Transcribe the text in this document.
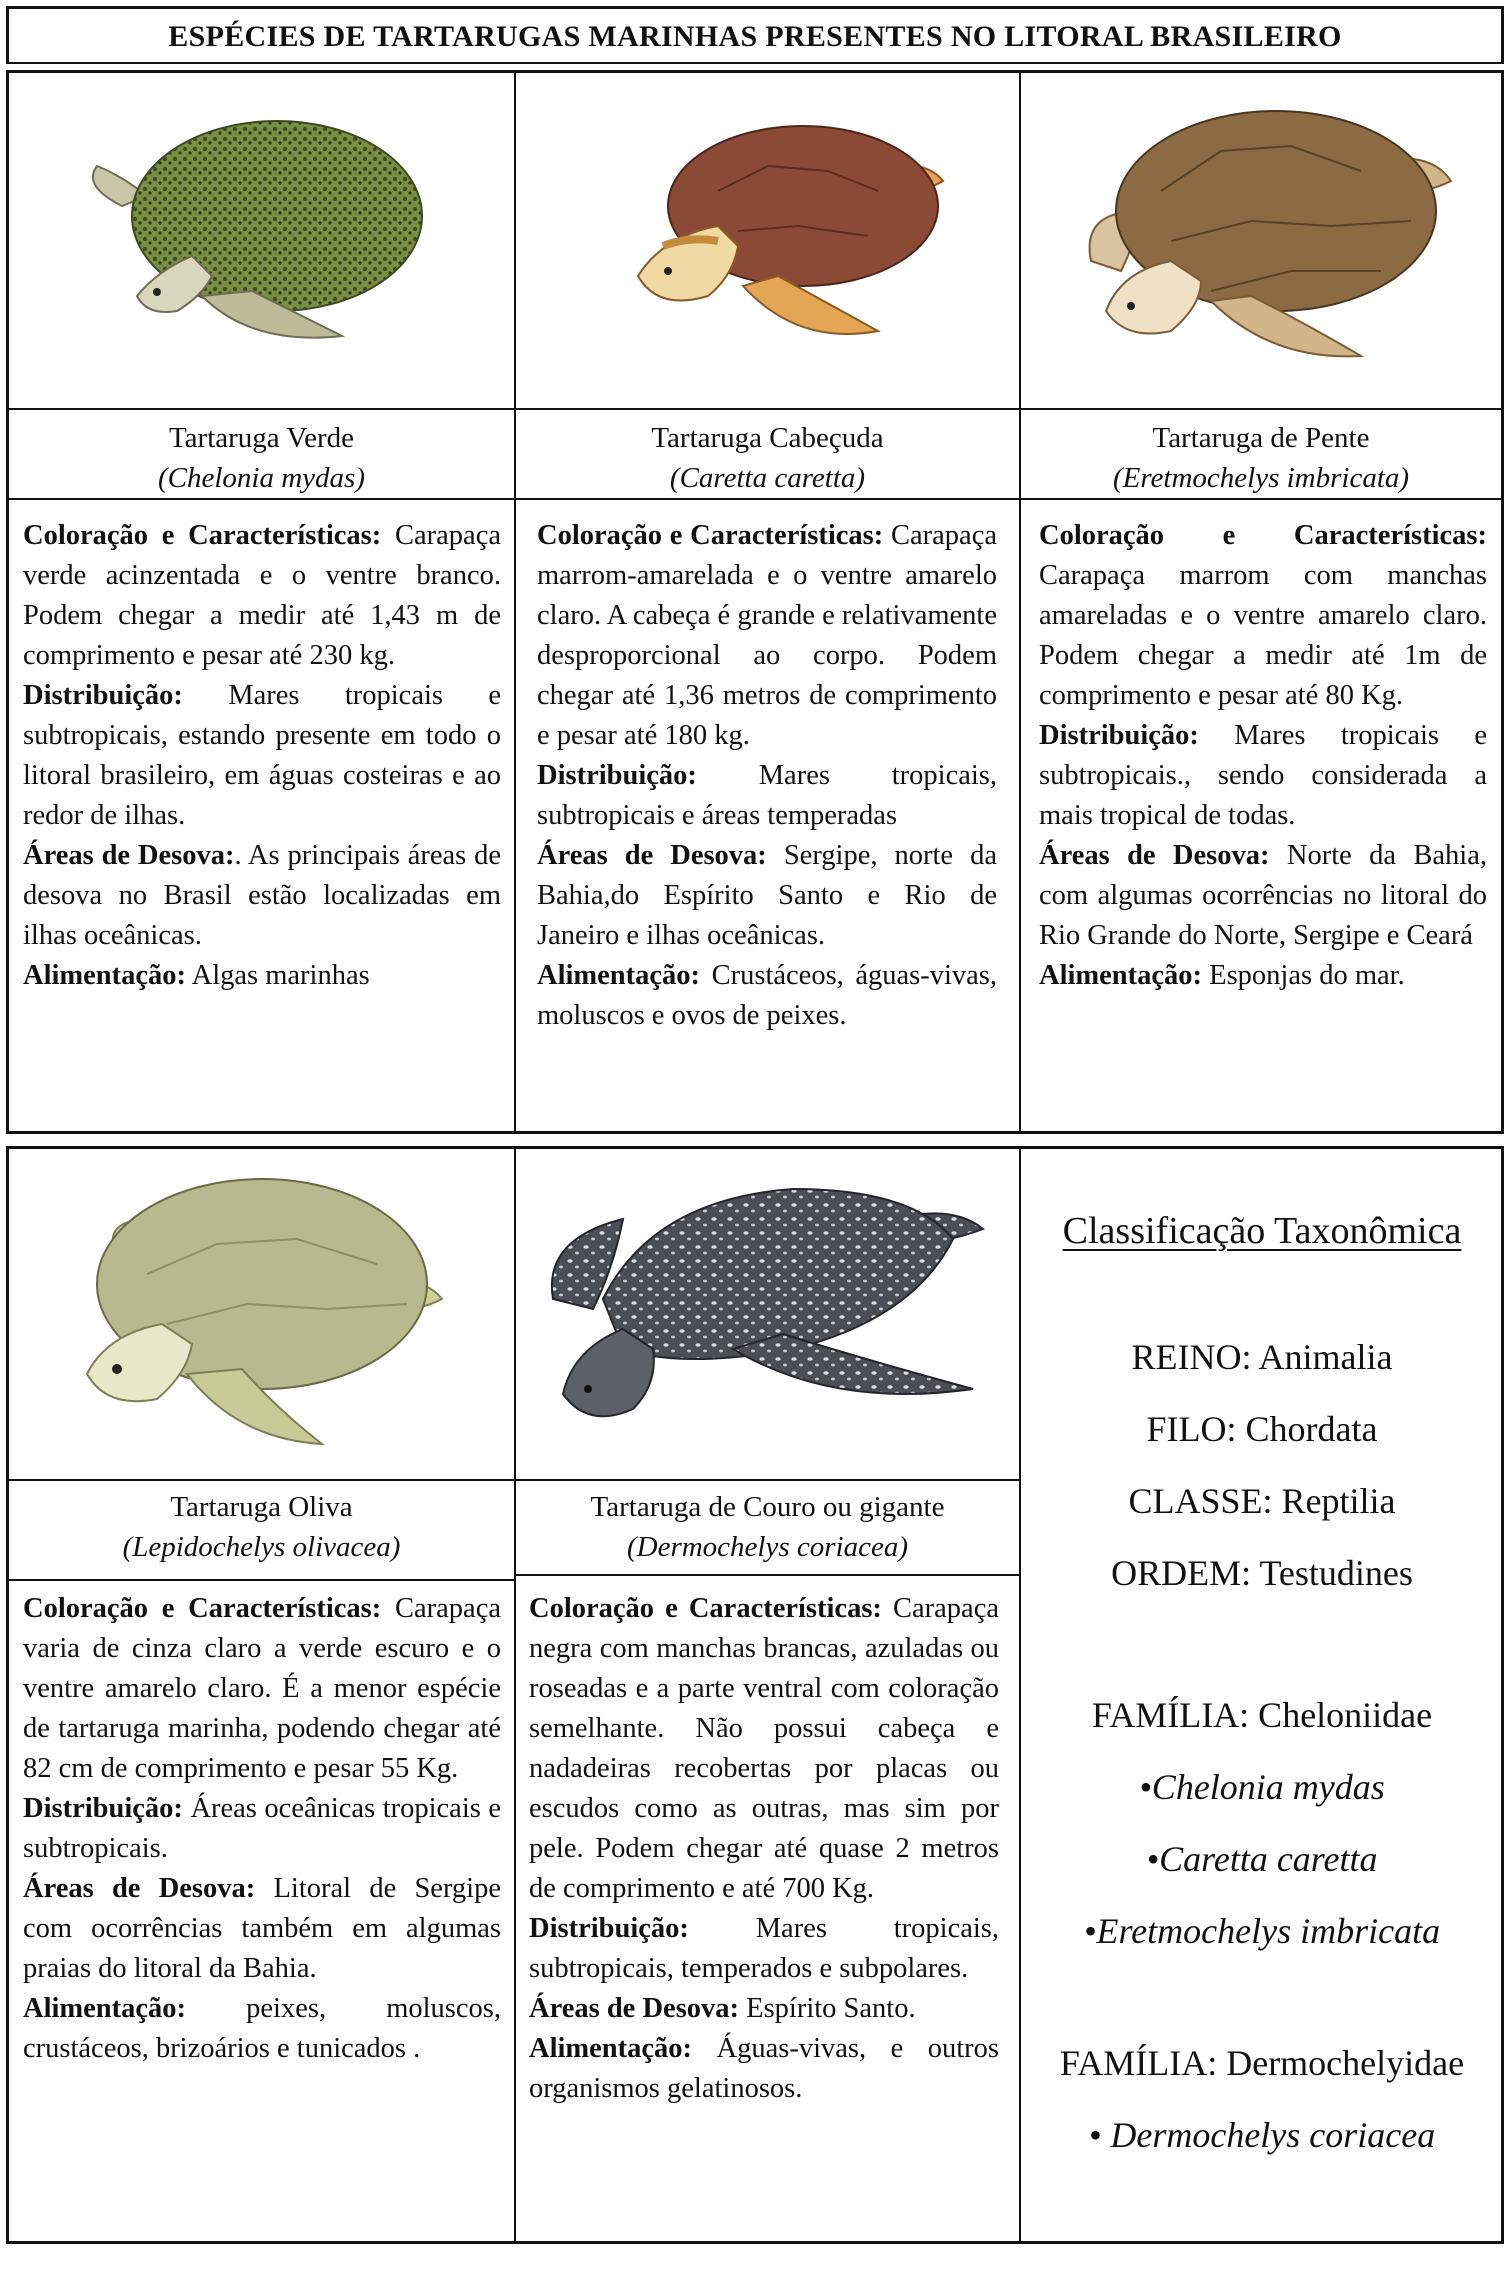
ESPÉCIES DE TARTARUGAS MARINHAS PRESENTES NO LITORAL BRASILEIRO
Tartaruga Verde
(Chelonia mydas)
Tartaruga Cabeçuda
(Caretta caretta)
Tartaruga de Pente
(Eretmochelys imbricata)

Coloração e Características: Carapaça verde acinzentada e o ventre branco. Podem chegar a medir até 1,43 m de comprimento e pesar até 230 kg.

Distribuição: Mares tropicais e subtropicais, estando presente em todo o litoral brasileiro, em águas costeiras e ao redor de ilhas.

Áreas de Desova:. As principais áreas de desova no Brasil estão localizadas em ilhas oceânicas.

Alimentação: Algas marinhas

Coloração e Características: Carapaça marrom-amarelada e o ventre amarelo claro. A cabeça é grande e relativamente desproporcional ao corpo. Podem chegar até 1,36 metros de comprimento e pesar até 180 kg.

Distribuição: Mares tropicais, subtropicais e áreas temperadas

Áreas de Desova: Sergipe, norte da Bahia,do Espírito Santo e Rio de Janeiro e ilhas oceânicas.

Alimentação: Crustáceos, águas-vivas, moluscos e ovos de peixes.

Coloração e Características: Carapaça marrom com manchas amareladas e o ventre amarelo claro. Podem chegar a medir até 1m de comprimento e pesar até 80 Kg.

Distribuição: Mares tropicais e subtropicais., sendo considerada a mais tropical de todas.

Áreas de Desova: Norte da Bahia, com algumas ocorrências no litoral do Rio Grande do Norte, Sergipe e Ceará

Alimentação: Esponjas do mar.

Tartaruga Oliva
(Lepidochelys olivacea)
Tartaruga de Couro ou gigante
(Dermochelys coriacea)

Coloração e Características: Carapaça varia de cinza claro a verde escuro e o ventre amarelo claro. É a menor espécie de tartaruga marinha, podendo chegar até 82 cm de comprimento e pesar 55 Kg.

Distribuição: Áreas oceânicas tropicais e subtropicais.

Áreas de Desova: Litoral de Sergipe com ocorrências também em algumas praias do litoral da Bahia.

Alimentação: peixes, moluscos, crustáceos, brizoários e tunicados .

Coloração e Características: Carapaça negra com manchas brancas, azuladas ou roseadas e a parte ventral com coloração semelhante. Não possui cabeça e nadadeiras recobertas por placas ou escudos como as outras, mas sim por pele. Podem chegar até quase 2 metros de comprimento e até 700 Kg.

Distribuição: Mares tropicais, subtropicais, temperados e subpolares.

Áreas de Desova: Espírito Santo.

Alimentação: Águas-vivas, e outros organismos gelatinosos.

Classificação Taxonômica
REINO: Animalia
FILO: Chordata
CLASSE: Reptilia
ORDEM: Testudines
FAMÍLIA: Cheloniidae
•Chelonia mydas
•Caretta caretta
•Eretmochelys imbricata
FAMÍLIA: Dermochelyidae
• Dermochelys coriacea
